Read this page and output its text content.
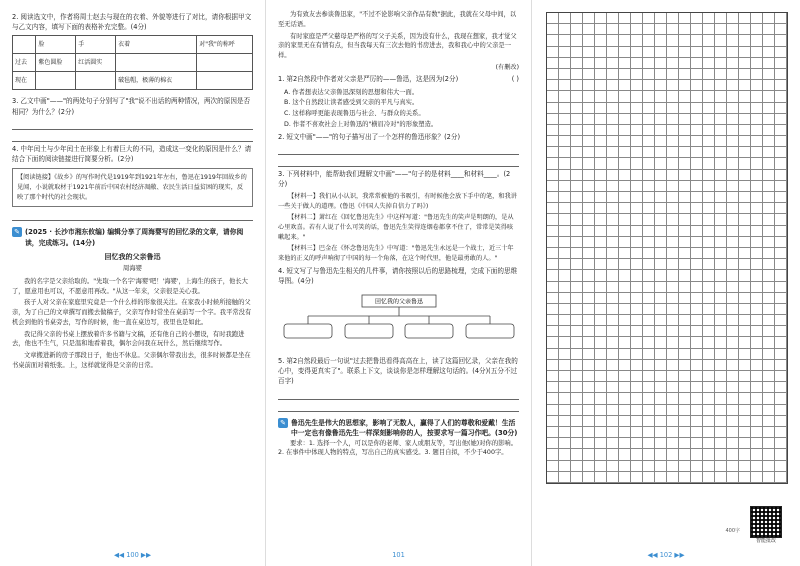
2. 阅读选文中，作者将周士赵去与现在的衣着、外貌等进行了对比，请你根据甲文与乙文内容，填写下面的表格补充完整。(4分)

	脸	手	衣着	对"我"的称呼
过去	紫色圆脸	红活圆实		
现在			破毡帽，极薄的棉衣	

3. 乙文中画"——"的两处句子分别写了"我"说不出话的两种情况，两次的原因是否相同？为什么？(2分)

4. 中年闰土与少年闰土在形象上有着巨大的不同，造成这一变化的原因是什么？请结合下面的阅读链接进行简要分析。(2分)

【阅读链接】《故乡》的写作时代是1919年到1921年左右，鲁迅在1919年回故乡的见闻，小说就取材于1921年前后中国农村经济凋敝、农民生活日益贫困的现实，反映了那个时代的社会现状。
✎ (2025 · 长沙市湘东攸编) 编辑分享了周海婴写的回忆录的文章，请你阅读，完成练习。(14分)
回忆我的父亲鲁迅
周海婴

我的名字是父亲给取的。"先取一个名字'海婴'吧！'海婴'，上海生的孩子，他长大了，愿意用也可以，不愿意用再改。"从这一年来，父亲很是关心我。

孩子人对父亲在家庭里究竟是一个什么样的形象很关注。在家我小时候所接触的父亲，为了自己的文章撰写而搬去做稿子，父亲写作时常坐在桌前写一个字。我平常没有机会到他的书桌旁去，写作的时候，他一直在桌边写，夜里也是如此。

我记得父亲的书桌上摆放着许多书籍与文稿，还有他自己的小摆设，有时我跑进去，他也不生气，只是温和地看着我，偶尔会问我在玩什么，然后继续写作。

文章搬进新的房子那段日子，他也不休息。父亲偶尔带我出去，很多时候都是坐在书桌前面对着纸张。上，这样就觉得是父亲的日常。

◀◀ 100 ▶▶

为有致友去参谈鲁迅家，"不过不论影响父亲作品有数"据此，我就在父母中间，以至无话语。

有时家庭是严父慈母是严格的写父子关系，因为没有什么，我现在想家，我才觉父亲的家里无在有情有点，但当我每天有三次去他的书房进去，我和我心中的父亲是一样。

(有删改)

1. 第2自然段中作者对父亲是严厉的——鲁迅，这是因为(2分)	( )

A. 作者想表达父亲鲁迅深刻的思想和伟大一面。

B. 这个自然段让读者感受到父亲的平凡与真实。

C. 这样称呼更能表现鲁迅与社会、与群众的关系。

D. 作者不喜欢社会上对鲁迅的"横眉冷对"的形象塑造。

2. 短文中画"——"的句子描写出了一个怎样的鲁迅形象？(2分)

3. 下列材料中，能帮助我们理解文中画"——"句子的是材料____和材料____。(2分)

【材料一】我们从小认识，我常常被他的书吸引，有时候他会放下手中的笔，和我讲一些关于做人的道理。(鲁迅《中国人失掉自信力了吗》)

【材料二】萧红在《回忆鲁迅先生》中这样写道："鲁迅先生的笑声是明朗的，是从心里欢喜。若有人说了什么可笑的话，鲁迅先生笑得连烟卷都拿不住了，常常是笑得咳嗽起来。"

【材料三】巴金在《怀念鲁迅先生》中写道："鲁迅先生永远是一个战士，近三十年来他的正义的呼声响彻了中国的每一个角落，在这个时代里，他是最勇敢的人。"

4. 短文写了与鲁迅先生相关的几件事，请你按照以后的思路梳理，完成下面的思维导图。(4分)

回忆我的父亲鲁迅

5. 第2自然段最后一句说"过去把鲁迅看得高高在上，读了这篇回忆录，父亲在我的心中，变得更真实了"。联系上下文，谈谈你是怎样理解这句话的。(4分)(五分不过百字)

✎ 鲁迅先生是伟大的思想家，影响了无数人，赢得了人们的尊敬和爱戴！生活中一定也有像鲁迅先生一样深刻影响你的人，按要求写一篇习作吧。(30分)

要求：1. 选择一个人，可以是你的老师、家人或朋友等，写出他(她)对你的影响。2. 在事件中体现人物的特点，写出自己的真实感受。3. 题目自拟，不少于400字。

101
400字
智能批改
◀◀ 102 ▶▶
